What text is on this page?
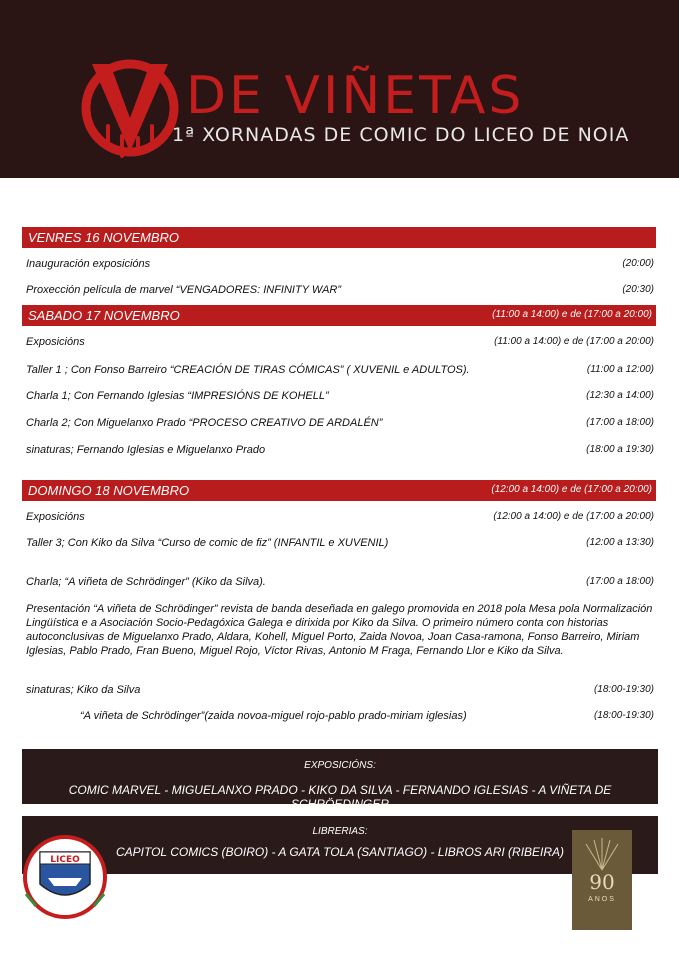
DE VIÑETAS
1ª XORNADAS DE COMIC DO LICEO DE NOIA
VENRES 16 NOVEMBRO
Inauguración exposicións	(20:00)
Proxección película de marvel “VENGADORES: INFINITY WAR”	(20:30)
SABADO 17 NOVEMBRO	(11:00 a 14:00) e de (17:00 a 20:00)
Exposicións	(11:00 a 14:00) e de (17:00 a 20:00)
Taller 1 ; Con Fonso Barreiro “CREACIÓN DE TIRAS CÓMICAS” ( XUVENIL e ADULTOS).	(11:00 a 12:00)
Charla 1; Con Fernando Iglesias “IMPRESIÓNS DE KOHELL”	(12:30 a 14:00)
Charla 2; Con Miguelanxo Prado “PROCESO CREATIVO DE ARDALÉN”	(17:00 a 18:00)
sinaturas; Fernando Iglesias e Miguelanxo Prado	(18:00 a 19:30)
DOMINGO 18 NOVEMBRO	(12:00 a 14:00) e de (17:00 a 20:00)
Exposicións	(12:00 a 14:00) e de (17:00 a 20:00)
Taller 3; Con Kiko da Silva “Curso de comic de fiz” (INFANTIL e XUVENIL)	(12:00 a 13:30)
Charla; “A viñeta de Schrödinger” (Kiko da Silva).	(17:00 a 18:00)
Presentación “A viñeta de Schrödinger” revista de banda deseñada en galego promovida en 2018 pola Mesa pola Normalización Lingüística e a Asociación Socio-Pedagóxica Galega e dirixida por Kiko da Silva. O primeiro número conta con historias autoconclusivas de Miguelanxo Prado, Aldara, Kohell, Miguel Porto, Zaida Novoa, Joan Casa-ramona, Fonso Barreiro, Miriam Iglesias, Pablo Prado, Fran Bueno, Miguel Rojo, Víctor Rivas, Antonio M Fraga, Fernando Llor e Kiko da Silva.
sinaturas; Kiko da Silva	(18:00-19:30)
“A viñeta de Schrödinger”(zaida novoa-miguel rojo-pablo prado-miriam iglesias)	(18:00-19:30)
EXPOSICIÓNS:
COMIC MARVEL - MIGUELANXO PRADO - KIKO DA SILVA - FERNANDO IGLESIAS - A VIÑETA DE SCHRÖEDINGER
LIBRERIAS:
CAPITOL COMICS (BOIRO) - A GATA TOLA (SANTIAGO) - LIBROS ARI (RIBEIRA)
LICEO
90
ANOS
